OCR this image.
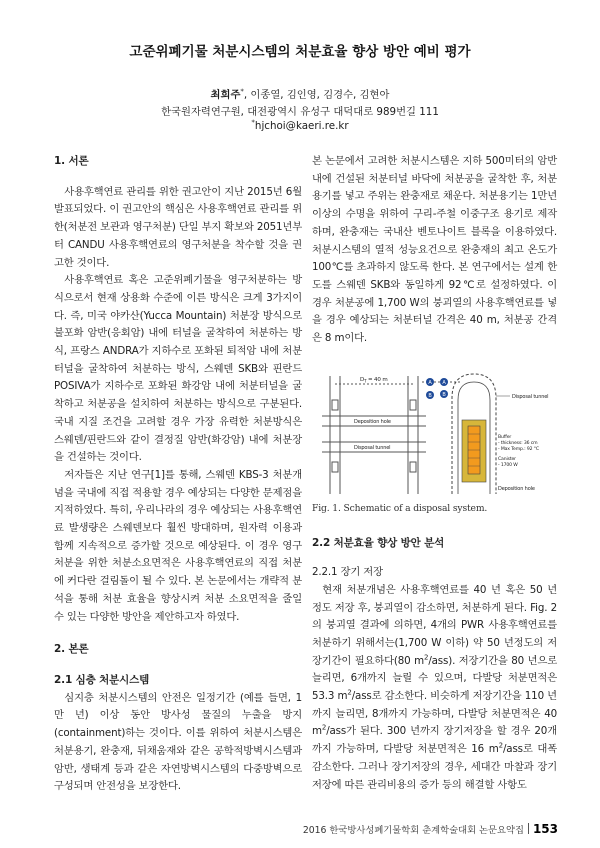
고준위폐기물 처분시스템의 처분효율 향상 방안 예비 평가
최희주*, 이종열, 김인영, 김경수, 김현아
한국원자력연구원, 대전광역시 유성구 대덕대로 989번길 111
*hjchoi@kaeri.re.kr

1. 서론

사용후핵연료 관리를 위한 권고안이 지난 2015년 6월 발표되었다. 이 권고안의 핵심은 사용후핵연료 관리를 위한(처분전 보관과 영구처분) 단일 부지 확보와 2051년부터 CANDU 사용후핵연료의 영구처분을 착수할 것을 권고한 것이다.

사용후핵연료 혹은 고준위폐기물을 영구처분하는 방식으로서 현재 상용화 수준에 이른 방식은 크게 3가지이다. 즉, 미국 야카산(Yucca Mountain) 처분장 방식으로 불포화 암반(응회암) 내에 터널을 굴착하여 처분하는 방식, 프랑스 ANDRA가 지하수로 포화된 퇴적암 내에 처분터널을 굴착하여 처분하는 방식, 스웨덴 SKB와 핀란드 POSIVA가 지하수로 포화된 화강암 내에 처분터널을 굴착하고 처분공을 설치하여 처분하는 방식으로 구분된다. 국내 지질 조건을 고려할 경우 가장 유력한 처분방식은 스웨덴/핀란드와 같이 결정질 암반(화강암) 내에 처분장을 건설하는 것이다.

저자들은 지난 연구[1]를 통해, 스웨덴 KBS-3 처분개념을 국내에 직접 적용할 경우 예상되는 다양한 문제점을 지적하였다. 특히, 우리나라의 경우 예상되는 사용후핵연료 발생량은 스웨덴보다 훨씬 방대하며, 원자력 이용과 함께 지속적으로 증가할 것으로 예상된다. 이 경우 영구처분을 위한 처분소요면적은 사용후핵연료의 직접 처분에 커다란 걸림돌이 될 수 있다. 본 논문에서는 개략적 분석을 통해 처분 효율을 향상시켜 처분 소요면적을 줄일 수 있는 다양한 방안을 제안하고자 하였다.

2. 본론

2.1 심층 처분시스템

심지층 처분시스템의 안전은 일정기간 (예를 들면, 1만 년) 이상 동안 방사성 물질의 누출을 방지(containment)하는 것이다. 이를 위하여 처분시스템은 처분용기, 완충재, 뒤채움재와 같은 공학적방벽시스템과 암반, 생태계 등과 같은 자연방벽시스템의 다중방벽으로 구성되며 안전성을 보장한다.

본 논문에서 고려한 처분시스템은 지하 500미터의 암반 내에 건설된 처분터널 바닥에 처분공을 굴착한 후, 처분용기를 넣고 주위는 완충재로 채운다. 처분용기는 1만년 이상의 수명을 위하여 구리-주철 이중구조 용기로 제작하며, 완충재는 국내산 벤토나이트 블록을 이용하였다. 처분시스템의 열적 성능요건으로 완충재의 최고 온도가 100℃를 초과하지 않도록 한다. 본 연구에서는 설계 한도를 스웨덴 SKB와 동일하게 92℃로 설정하였다. 이 경우 처분공에 1,700 W의 붕괴열의 사용후핵연료를 넣을 경우 예상되는 처분터널 간격은 40 m, 처분공 간격은 8 m이다.

$D_T = 40$ m
Deposition hole
Disposal tunnel
A
B
A
B	Disposal tunnel
Buffer
- thickness: 36 cm
- Max Temp.: 92 °C
Canister
- 1700 W
Deposition hole

Fig. 1. Schematic of a disposal system.

2.2 처분효율 향상 방안 분석

2.2.1 장기 저장

현재 처분개념은 사용후핵연료를 40 년 혹은 50 년 정도 저장 후, 붕괴열이 감소하면, 처분하게 된다. Fig. 2의 붕괴열 결과에 의하면, 4개의 PWR 사용후핵연료를 처분하기 위해서는(1,700 W 이하) 약 50 년정도의 저장기간이 필요하다(80 $m^2/ass$). 저장기간을 80 년으로 늘리면, 6개까지 늘릴 수 있으며, 다발당 처분면적은 53.3 $m^2$/ass로 감소한다. 비슷하게 저장기간을 110 년까지 늘리면, 8개까지 가능하며, 다발당 처분면적은 40 $m^2$/ass가 된다. 300 년까지 장기저장을 할 경우 20개까지 가능하며, 다발당 처분면적은 16 $m^2$/ass로 대폭 감소한다. 그러나 장기저장의 경우, 세대간 마찰과 장기저장에 따른 관리비용의 증가 등의 해결할 사항도

2016 한국방사성폐기물학회 춘계학술대회 논문요약집 153
